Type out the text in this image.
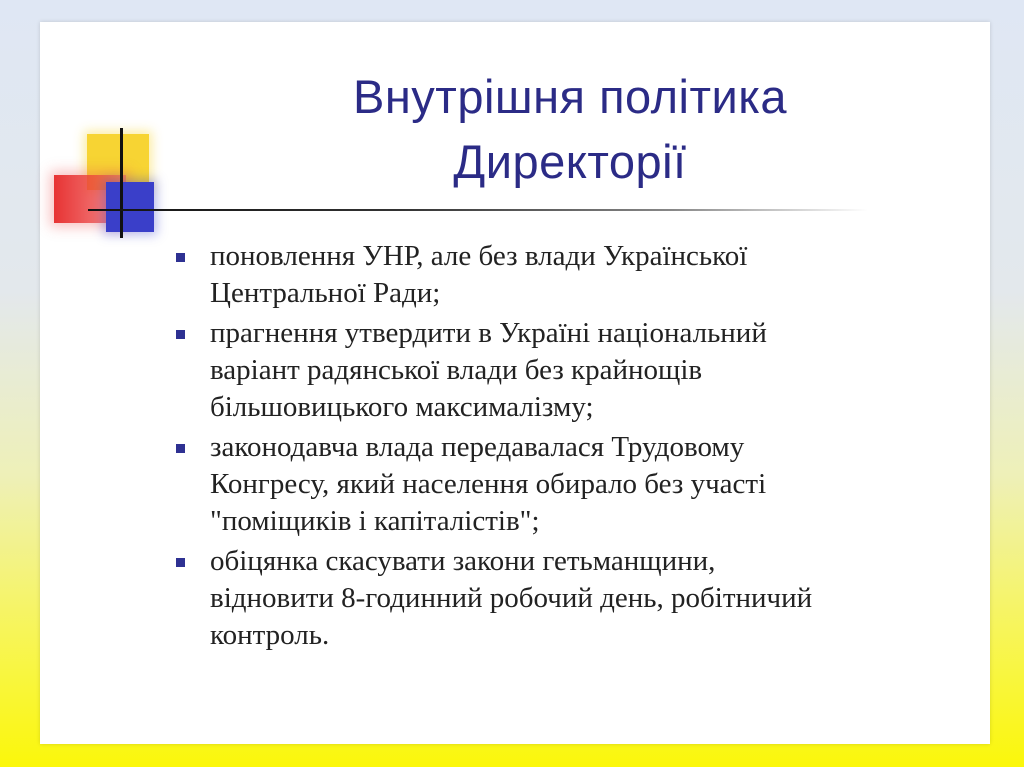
Внутрішня політика
Директорії
поновлення УНР, але без влади Української
Центральної Ради;
прагнення утвердити в Україні національний
варіант радянської влади без крайнощів
більшовицького максималізму;
законодавча влада передавалася Трудовому
Конгресу, який населення обирало без участі
"поміщиків і капіталістів";
обіцянка скасувати закони гетьманщини,
відновити 8-годинний робочий день, робітничий
контроль.
